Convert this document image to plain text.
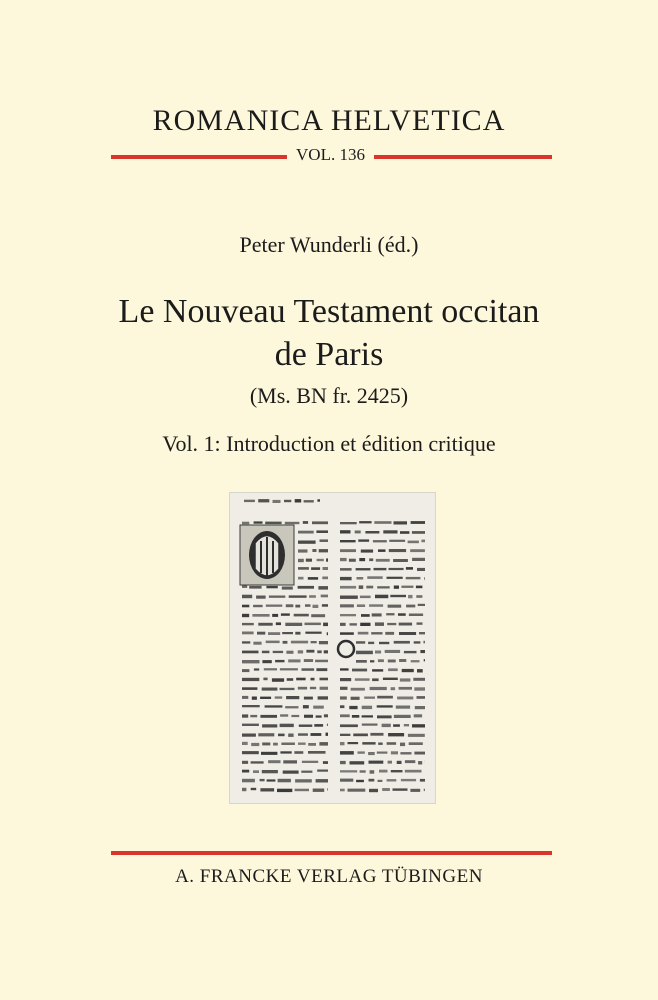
ROMANICA HELVETICA
VOL. 136
Peter Wunderli (éd.)
Le Nouveau Testament occitan
de Paris
(Ms. BN fr. 2425)
Vol. 1: Introduction et édition critique
A. FRANCKE VERLAG TÜBINGEN
